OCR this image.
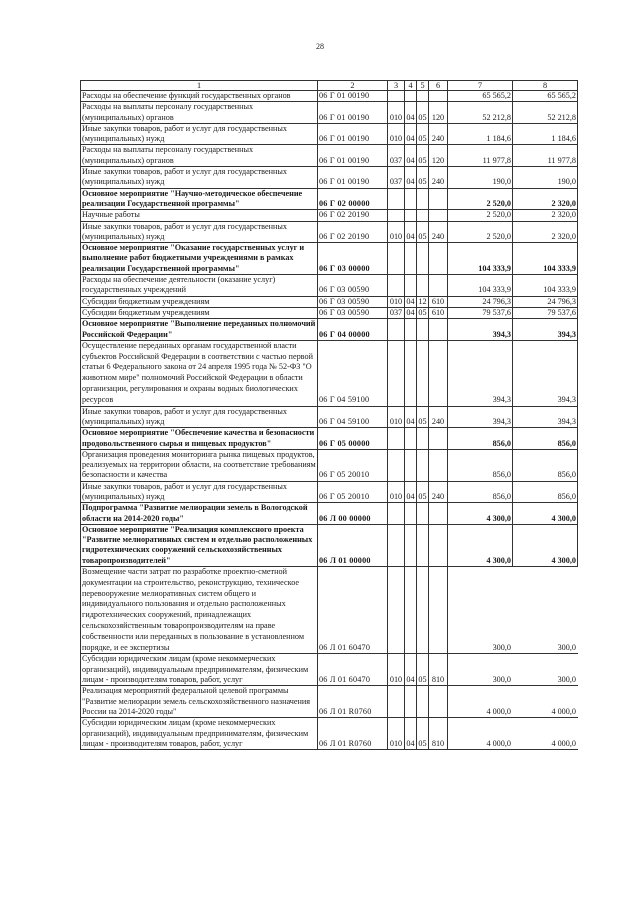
28
1	2	3	4	5	6	7	8
Расходы на обеспечение функций государственных органов	06 Г 01 00190					65 565,2	65 565,2
Расходы на выплаты персоналу государственных (муниципальных) органов	06 Г 01 00190	010	04	05	120	52 212,8	52 212,8
Иные закупки товаров, работ и услуг для государственных (муниципальных) нужд	06 Г 01 00190	010	04	05	240	1 184,6	1 184,6
Расходы на выплаты персоналу государственных (муниципальных) органов	06 Г 01 00190	037	04	05	120	11 977,8	11 977,8
Иные закупки товаров, работ и услуг для государственных (муниципальных) нужд	06 Г 01 00190	037	04	05	240	190,0	190,0
Основное мероприятие "Научно-методическое обеспечение реализации Государственной программы"	06 Г 02 00000					2 520,0	2 320,0
Научные работы	06 Г 02 20190					2 520,0	2 320,0
Иные закупки товаров, работ и услуг для государственных (муниципальных) нужд	06 Г 02 20190	010	04	05	240	2 520,0	2 320,0
Основное мероприятие "Оказание государственных услуг и выполнение работ бюджетными учреждениями в рамках реализации Государственной программы"	06 Г 03 00000					104 333,9	104 333,9
Расходы на обеспечение деятельности (оказание услуг) государственных учреждений	06 Г 03 00590					104 333,9	104 333,9
Субсидии бюджетным учреждениям	06 Г 03 00590	010	04	12	610	24 796,3	24 796,3
Субсидии бюджетным учреждениям	06 Г 03 00590	037	04	05	610	79 537,6	79 537,6
Основное мероприятие "Выполнение переданных полномочий Российской Федерации"	06 Г 04 00000					394,3	394,3
Осуществление переданных органам государственной власти субъектов Российской Федерации в соответствии с частью первой статьи 6 Федерального закона от 24 апреля 1995 года № 52-ФЗ "О животном мире" полномочий Российской Федерации в области организации, регулирования и охраны водных биологических ресурсов	06 Г 04 59100					394,3	394,3
Иные закупки товаров, работ и услуг для государственных (муниципальных) нужд	06 Г 04 59100	010	04	05	240	394,3	394,3
Основное мероприятие "Обеспечение качества и безопасности продовольственного сырья и пищевых продуктов"	06 Г 05 00000					856,0	856,0
Организация проведения мониторинга рынка пищевых продуктов, реализуемых на территории области, на соответствие требованиям безопасности и качества	06 Г 05 20010					856,0	856,0
Иные закупки товаров, работ и услуг для государственных (муниципальных) нужд	06 Г 05 20010	010	04	05	240	856,0	856,0
Подпрограмма "Развитие мелиорации земель в Вологодской области на 2014-2020 годы"	06 Л 00 00000					4 300,0	4 300,0
Основное мероприятие "Реализация комплексного проекта "Развитие мелиоративных систем и отдельно расположенных гидротехнических сооружений сельскохозяйственных товаропроизводителей"	06 Л 01 00000					4 300,0	4 300,0
Возмещение части затрат по разработке проектно-сметной документации на строительство, реконструкцию, техническое перевооружение мелиоративных систем общего и индивидуального пользования и отдельно расположенных гидротехнических сооружений, принадлежащих сельскохозяйственным товаропроизводителям на праве собственности или переданных в пользование в установленном порядке, и ее экспертизы	06 Л 01 60470					300,0	300,0
Субсидии юридическим лицам (кроме некоммерческих организаций), индивидуальным предпринимателям, физическим лицам - производителям товаров, работ, услуг	06 Л 01 60470	010	04	05	810	300,0	300,0
Реализация мероприятий федеральной целевой программы "Развитие мелиорации земель сельскохозяйственного назначения России на 2014-2020 годы"	06 Л 01 R0760					4 000,0	4 000,0
Субсидии юридическим лицам (кроме некоммерческих организаций), индивидуальным предпринимателям, физическим лицам - производителям товаров, работ, услуг	06 Л 01 R0760	010	04	05	810	4 000,0	4 000,0
